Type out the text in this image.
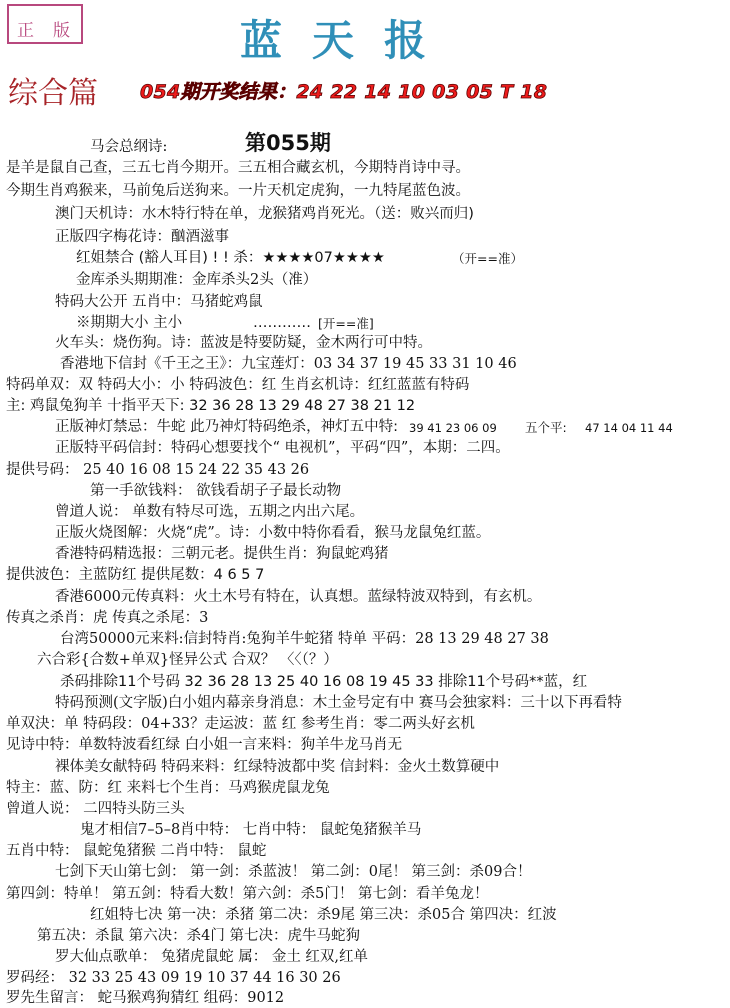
正 版	蓝天报
综合篇 054期开奖结果：24 22 14 10 03 05 T 18
第055期
马会总纲诗:
是羊是鼠自己查，三五七肖今期开。三五相合藏玄机，今期特肖诗中寻。
今期生肖鸡猴来，马前兔后送狗来。一片天机定虎狗，一九特尾蓝色波。
澳门天机诗：水木特行特在单，龙猴猪鸡肖死光。（送：败兴而归)
正版四字梅花诗：酗酒滋事
红姐禁合 (豁人耳目) ! ! 杀：★★★★07★★★★	（开==准）
金库杀头期期准：金库杀头2头（准）
特码大公开 五肖中：马猪蛇鸡鼠
※期期大小 主小	………… [开==准]
火车头：烧伤狗。诗：蓝波是特要防疑，金木两行可中特。
香港地下信封《千王之王》：九宝莲灯：03 34 37 19 45 33 31 10 46
特码单双：双 特码大小：小 特码波色：红 生肖玄机诗：红红蓝蓝有特码
主: 鸡鼠兔狗羊 十指平天下: 32 36 28 13 29 48 27 38 21 12
正版神灯禁忌：牛蛇 此乃神灯特码绝杀，神灯五中特: 39 41 23 06 09 五个平: 47 14 04 11 44
正版特平码信封：特码心想要找个“ 电视机”，平码“四”，本期：二四。
提供号码： 25 40 16 08 15 24 22 35 43 26
第一手欲钱料： 欲钱看胡子子最长动物
曾道人说： 单数有特尽可选，五期之内出六尾。
正版火烧图解：火烧“虎”。诗：小数中特你看看，猴马龙鼠兔红蓝。
香港特码精选报：三朝元老。提供生肖：狗鼠蛇鸡猪
提供波色：主蓝防红 提供尾数：4 6 5 7
香港6000元传真料：火土木号有特在，认真想。蓝绿特波双特到，有玄机。
传真之杀肖：虎 传真之杀尾：3
台湾50000元来料:信封特肖:兔狗羊牛蛇猪 特单 平码：28 13 29 48 27 38
六合彩{合数+单双}怪异公式 合双？ 〈〈（？）
杀码排除11个号码 32 36 28 13 25 40 16 08 19 45 33 排除11个号码**蓝，红
特码预测(文字版)白小姐内幕亲身消息：木土金号定有中 赛马会独家料：三十以下再看特
单双決：单 特码段：04+33？走运波：蓝 红 参考生肖：零二两头好玄机
见诗中特：单数特波看红绿 白小姐一言来料：狗羊牛龙马肖无
裸体美女献特码 特码来料：红绿特波都中奖 信封料：金火土数算硬中
特主：蓝、防：红 来料七个生肖：马鸡猴虎鼠龙兔
曾道人说： 二四特头防三头
鬼才相信7–5–8肖中特： 七肖中特： 鼠蛇兔猪猴羊马
五肖中特： 鼠蛇兔猪猴 二肖中特： 鼠蛇
七剑下天山第七剑： 第一剑：杀蓝波！ 第二剑：0尾！ 第三剑：杀09合！
第四剑：特单！ 第五剑：特看大数！第六剑：杀5门！ 第七剑：看羊兔龙！
红姐特七决 第一决：杀猪 第二决：杀9尾 第三决：杀05合 第四决：红波
第五决：杀鼠 第六决：杀4门 第七决：虎牛马蛇狗
罗大仙点歌单： 兔猪虎鼠蛇 属： 金土 红双,红单
罗码经： 32 33 25 43 09 19 10 37 44 16 30 26
罗先生留言： 蛇马猴鸡狗猜红 组码：9012
